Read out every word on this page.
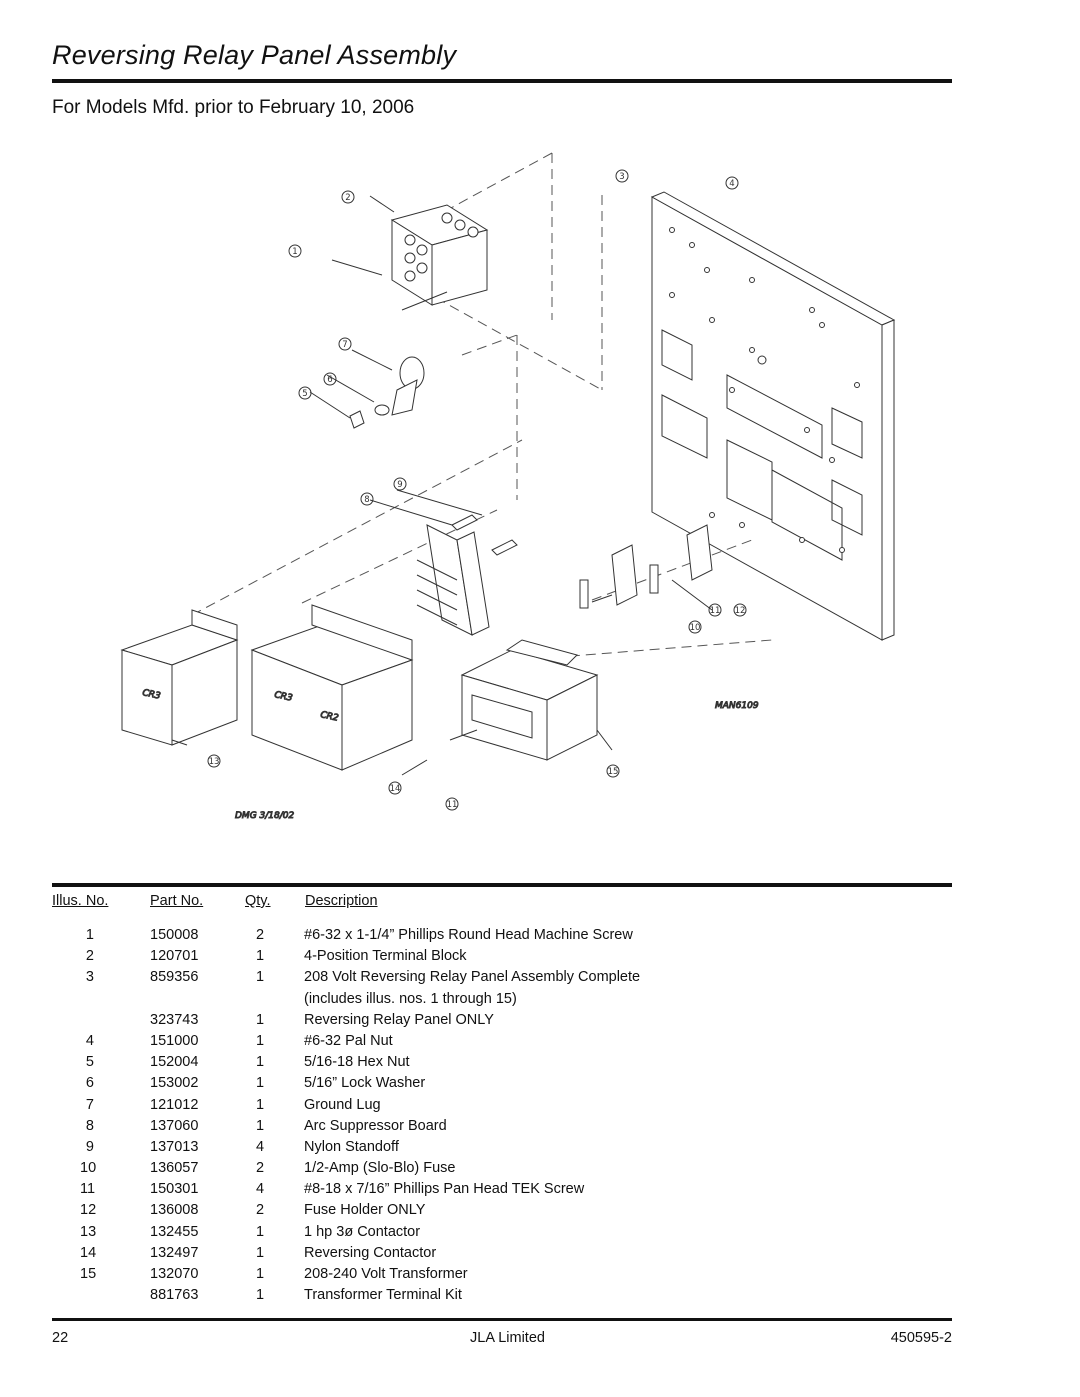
Reversing Relay Panel Assembly
For Models Mfd. prior to February 10, 2006
1
2
3
4
5
6
7
8
9
10
11 12
13
14
15
11
CR3	CR3
CR2
MAN6109
DMG 3/18/02
Illus. No.	Part No.	Qty. Description
1	150008	2	#6-32 x 1-1/4” Phillips Round Head Machine Screw
2	120701	1	4-Position Terminal Block
3	859356	1	208 Volt Reversing Relay Panel Assembly Complete
(includes illus. nos. 1 through 15)
323743	1	Reversing Relay Panel ONLY
4	151000	1	#6-32 Pal Nut
5	152004	1	5/16-18 Hex Nut
6	153002	1	5/16” Lock Washer
7	121012	1	Ground Lug
8	137060	1	Arc Suppressor Board
9	137013	4	Nylon Standoff
10	136057	2	1/2-Amp (Slo-Blo) Fuse
11	150301	4	#8-18 x 7/16” Phillips Pan Head TEK Screw
12	136008	2	Fuse Holder ONLY
13	132455	1	1 hp 3ø Contactor
14	132497	1	Reversing Contactor
15	132070	1	208-240 Volt Transformer
881763	1	Transformer Terminal Kit
22	JLA Limited	450595-2
